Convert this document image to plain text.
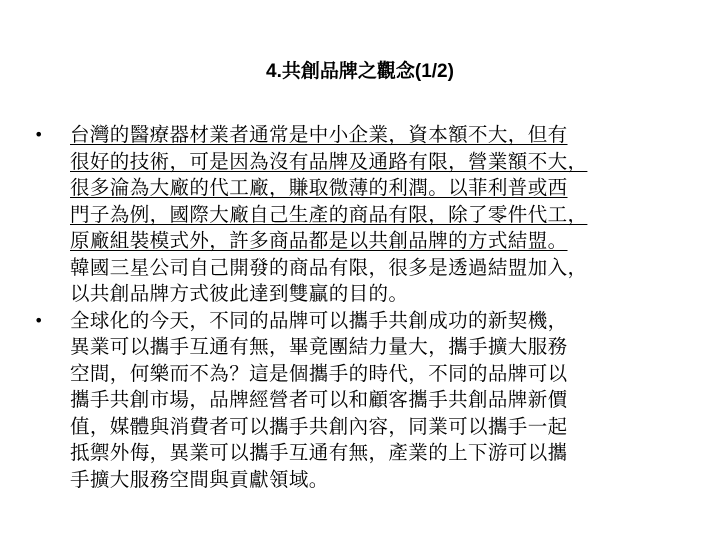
4.共創品牌之觀念(1/2)
•	台灣的醫療器材業者通常是中小企業，資本額不大，但有
很好的技術，可是因為沒有品牌及通路有限，營業額不大，
很多淪為大廠的代工廠，賺取微薄的利潤。以菲利普或西
門子為例，國際大廠自己生產的商品有限，除了零件代工，
原廠組裝模式外，許多商品都是以共創品牌的方式結盟。
韓國三星公司自己開發的商品有限，很多是透過結盟加入，
以共創品牌方式彼此達到雙贏的目的。
•	全球化的今天，不同的品牌可以攜手共創成功的新契機，
異業可以攜手互通有無，畢竟團結力量大，攜手擴大服務
空間，何樂而不為？這是個攜手的時代，不同的品牌可以
攜手共創市場，品牌經營者可以和顧客攜手共創品牌新價
值，媒體與消費者可以攜手共創內容，同業可以攜手一起
抵禦外侮，異業可以攜手互通有無，產業的上下游可以攜
手擴大服務空間與貢獻領域。
